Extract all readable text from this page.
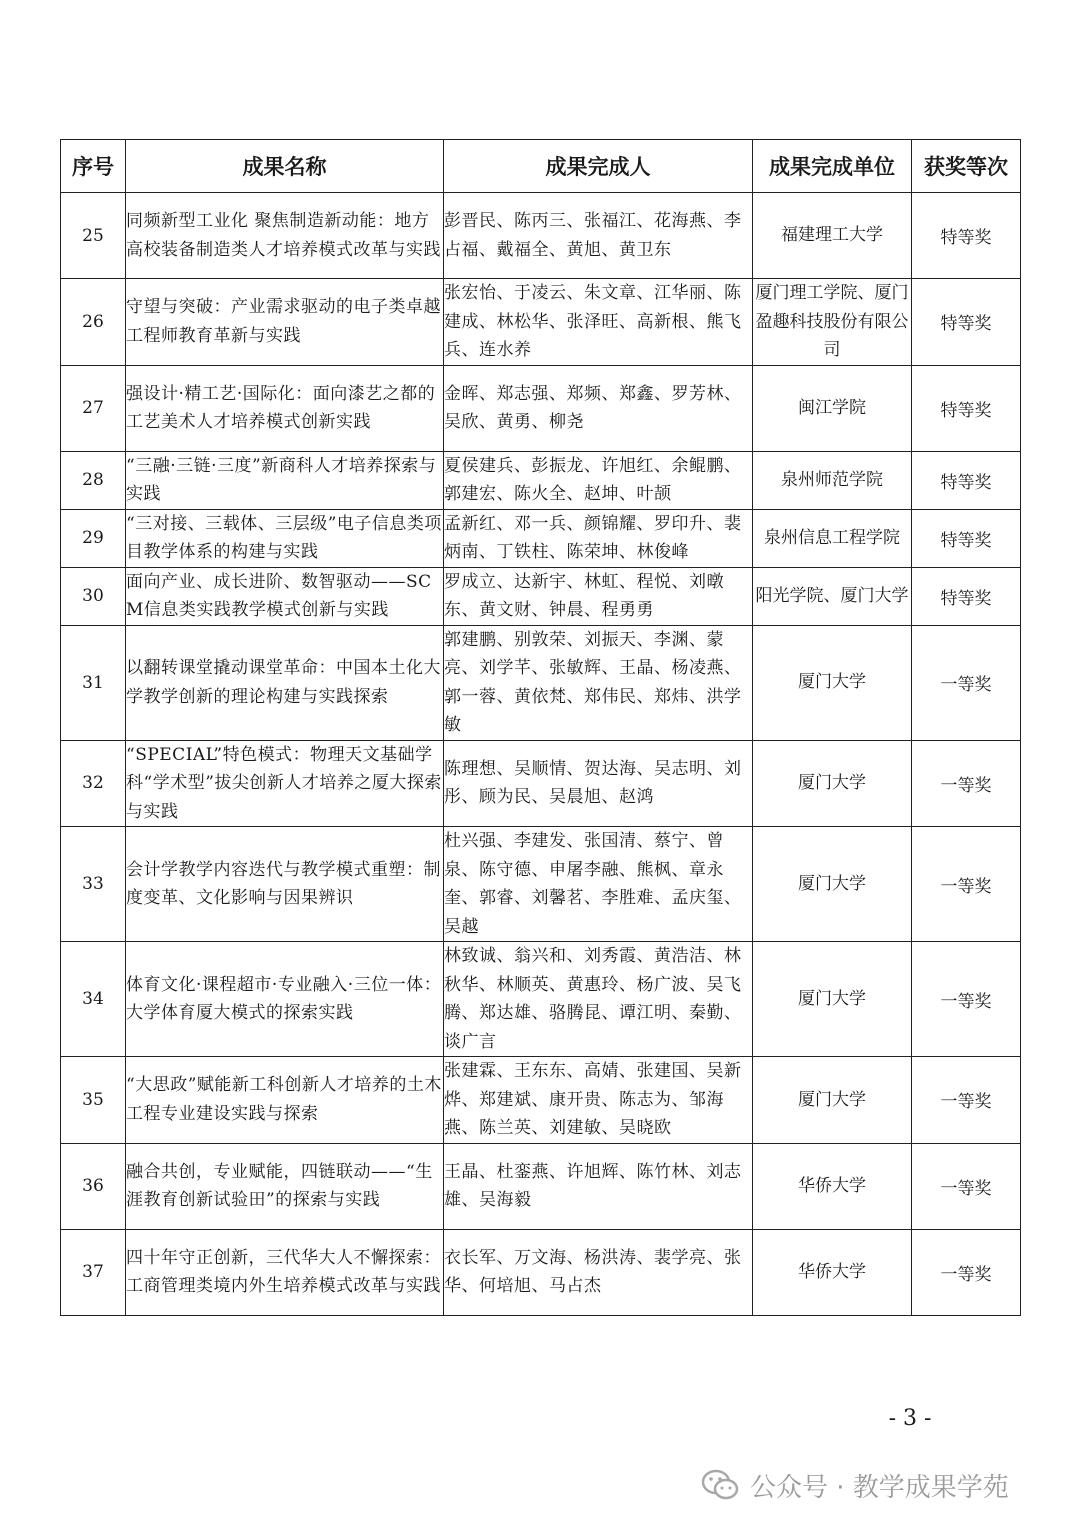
序号	成果名称	成果完成人	成果完成单位	获奖等次
25	同频新型工业化 聚焦制造新动能：地方高校装备制造类人才培养模式改革与实践	彭晋民、陈丙三、张福江、花海燕、李占福、戴福全、黄旭、黄卫东	福建理工大学	特等奖
26	守望与突破：产业需求驱动的电子类卓越工程师教育革新与实践	张宏怡、于凌云、朱文章、江华丽、陈建成、林松华、张泽旺、高新根、熊飞兵、连水养	厦门理工学院、厦门盈趣科技股份有限公司	特等奖
27	强设计·精工艺·国际化：面向漆艺之都的工艺美术人才培养模式创新实践	金晖、郑志强、郑频、郑鑫、罗芳林、吴欣、黄勇、柳尧	闽江学院	特等奖
28	“三融·三链·三度”新商科人才培养探索与实践	夏侯建兵、彭振龙、许旭红、余鲲鹏、郭建宏、陈火全、赵坤、叶颉	泉州师范学院	特等奖
29	“三对接、三载体、三层级”电子信息类项目教学体系的构建与实践	孟新红、邓一兵、颜锦耀、罗印升、裴炳南、丁铁柱、陈荣坤、林俊峰	泉州信息工程学院	特等奖
30	面向产业、成长进阶、数智驱动——SCM信息类实践教学模式创新与实践	罗成立、达新宇、林虹、程悦、刘暾东、黄文财、钟晨、程勇勇	阳光学院、厦门大学	特等奖
31	以翻转课堂撬动课堂革命：中国本土化大学教学创新的理论构建与实践探索	郭建鹏、别敦荣、刘振天、李渊、蒙亮、刘学芊、张敏辉、王晶、杨凌燕、郭一蓉、黄依梵、郑伟民、郑炜、洪学敏	厦门大学	一等奖
32	“SPECIAL”特色模式：物理天文基础学科“学术型”拔尖创新人才培养之厦大探索与实践	陈理想、吴顺情、贺达海、吴志明、刘彤、顾为民、吴晨旭、赵鸿	厦门大学	一等奖
33	会计学教学内容迭代与教学模式重塑：制度变革、文化影响与因果辨识	杜兴强、李建发、张国清、蔡宁、曾泉、陈守德、申屠李融、熊枫、章永奎、郭睿、刘馨茗、李胜难、孟庆玺、吴越	厦门大学	一等奖
34	体育文化·课程超市·专业融入·三位一体：大学体育厦大模式的探索实践	林致诚、翁兴和、刘秀霞、黄浩洁、林秋华、林顺英、黄惠玲、杨广波、吴飞腾、郑达雄、骆腾昆、谭江明、秦勤、谈广言	厦门大学	一等奖
35	“大思政”赋能新工科创新人才培养的土木工程专业建设实践与探索	张建霖、王东东、高婧、张建国、吴新烨、郑建斌、康开贵、陈志为、邹海燕、陈兰英、刘建敏、吴晓欧	厦门大学	一等奖
36	融合共创，专业赋能，四链联动——“生涯教育创新试验田”的探索与实践	王晶、杜銮燕、许旭辉、陈竹林、刘志雄、吴海毅	华侨大学	一等奖
37	四十年守正创新，三代华大人不懈探索：工商管理类境内外生培养模式改革与实践	衣长军、万文海、杨洪涛、裴学亮、张华、何培旭、马占杰	华侨大学	一等奖
- 3 -
公众号 · 教学成果学苑
